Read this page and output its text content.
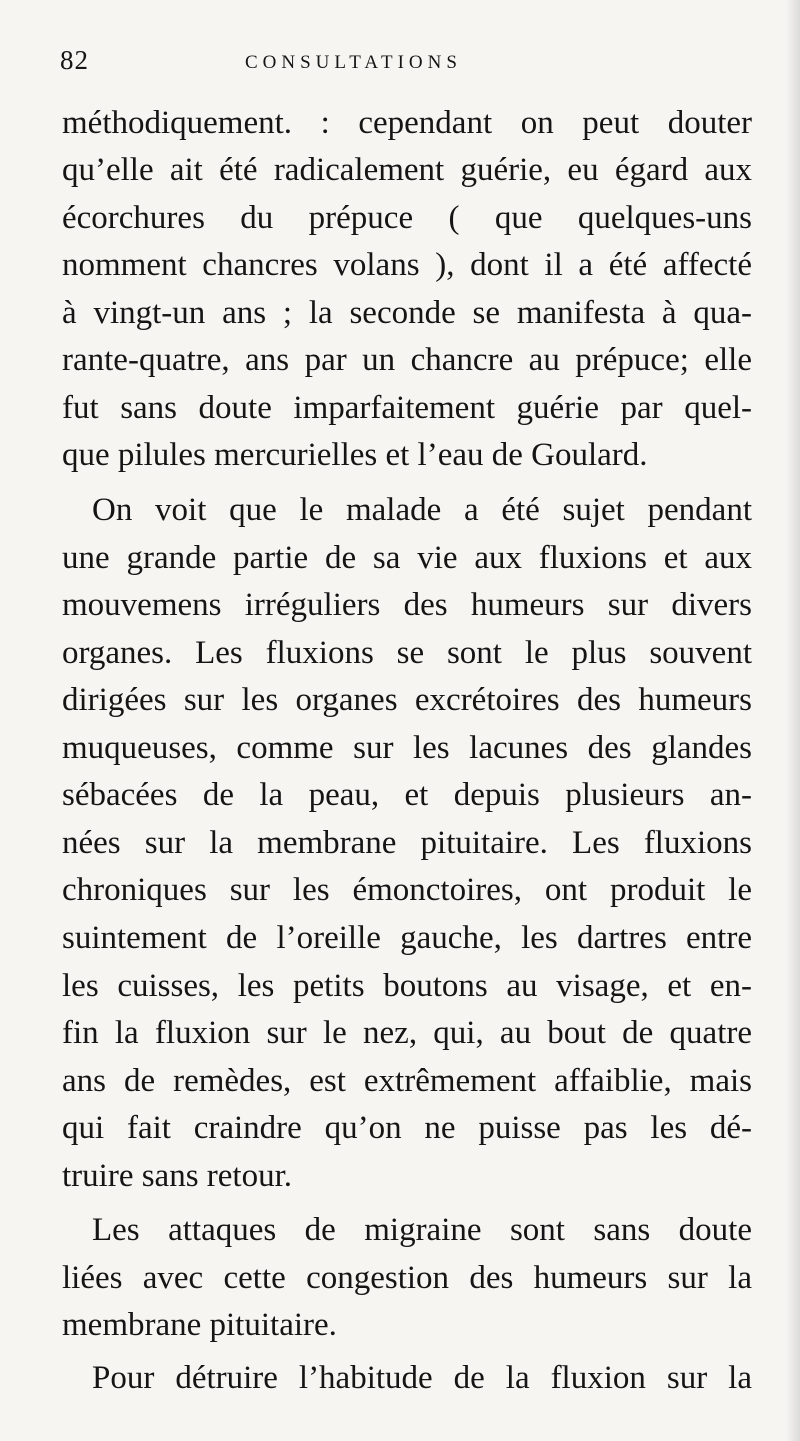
82	CONSULTATIONS
méthodiquement. : cependant on peut douter
qu’elle ait été radicalement guérie, eu égard aux
écorchures du prépuce ( que quelques-uns
nomment chancres volans ), dont il a été affecté
à vingt-un ans ; la seconde se manifesta à qua-
rante-quatre, ans par un chancre au prépuce; elle
fut sans doute imparfaitement guérie par quel-
que pilules mercurielles et l’eau de Goulard.
On voit que le malade a été sujet pendant
une grande partie de sa vie aux fluxions et aux
mouvemens irréguliers des humeurs sur divers
organes. Les fluxions se sont le plus souvent
dirigées sur les organes excrétoires des humeurs
muqueuses, comme sur les lacunes des glandes
sébacées de la peau, et depuis plusieurs an-
nées sur la membrane pituitaire. Les fluxions
chroniques sur les émonctoires, ont produit le
suintement de l’oreille gauche, les dartres entre
les cuisses, les petits boutons au visage, et en-
fin la fluxion sur le nez, qui, au bout de quatre
ans de remèdes, est extrêmement affaiblie, mais
qui fait craindre qu’on ne puisse pas les dé-
truire sans retour.
Les attaques de migraine sont sans doute
liées avec cette congestion des humeurs sur la
membrane pituitaire.
Pour détruire l’habitude de la fluxion sur la
